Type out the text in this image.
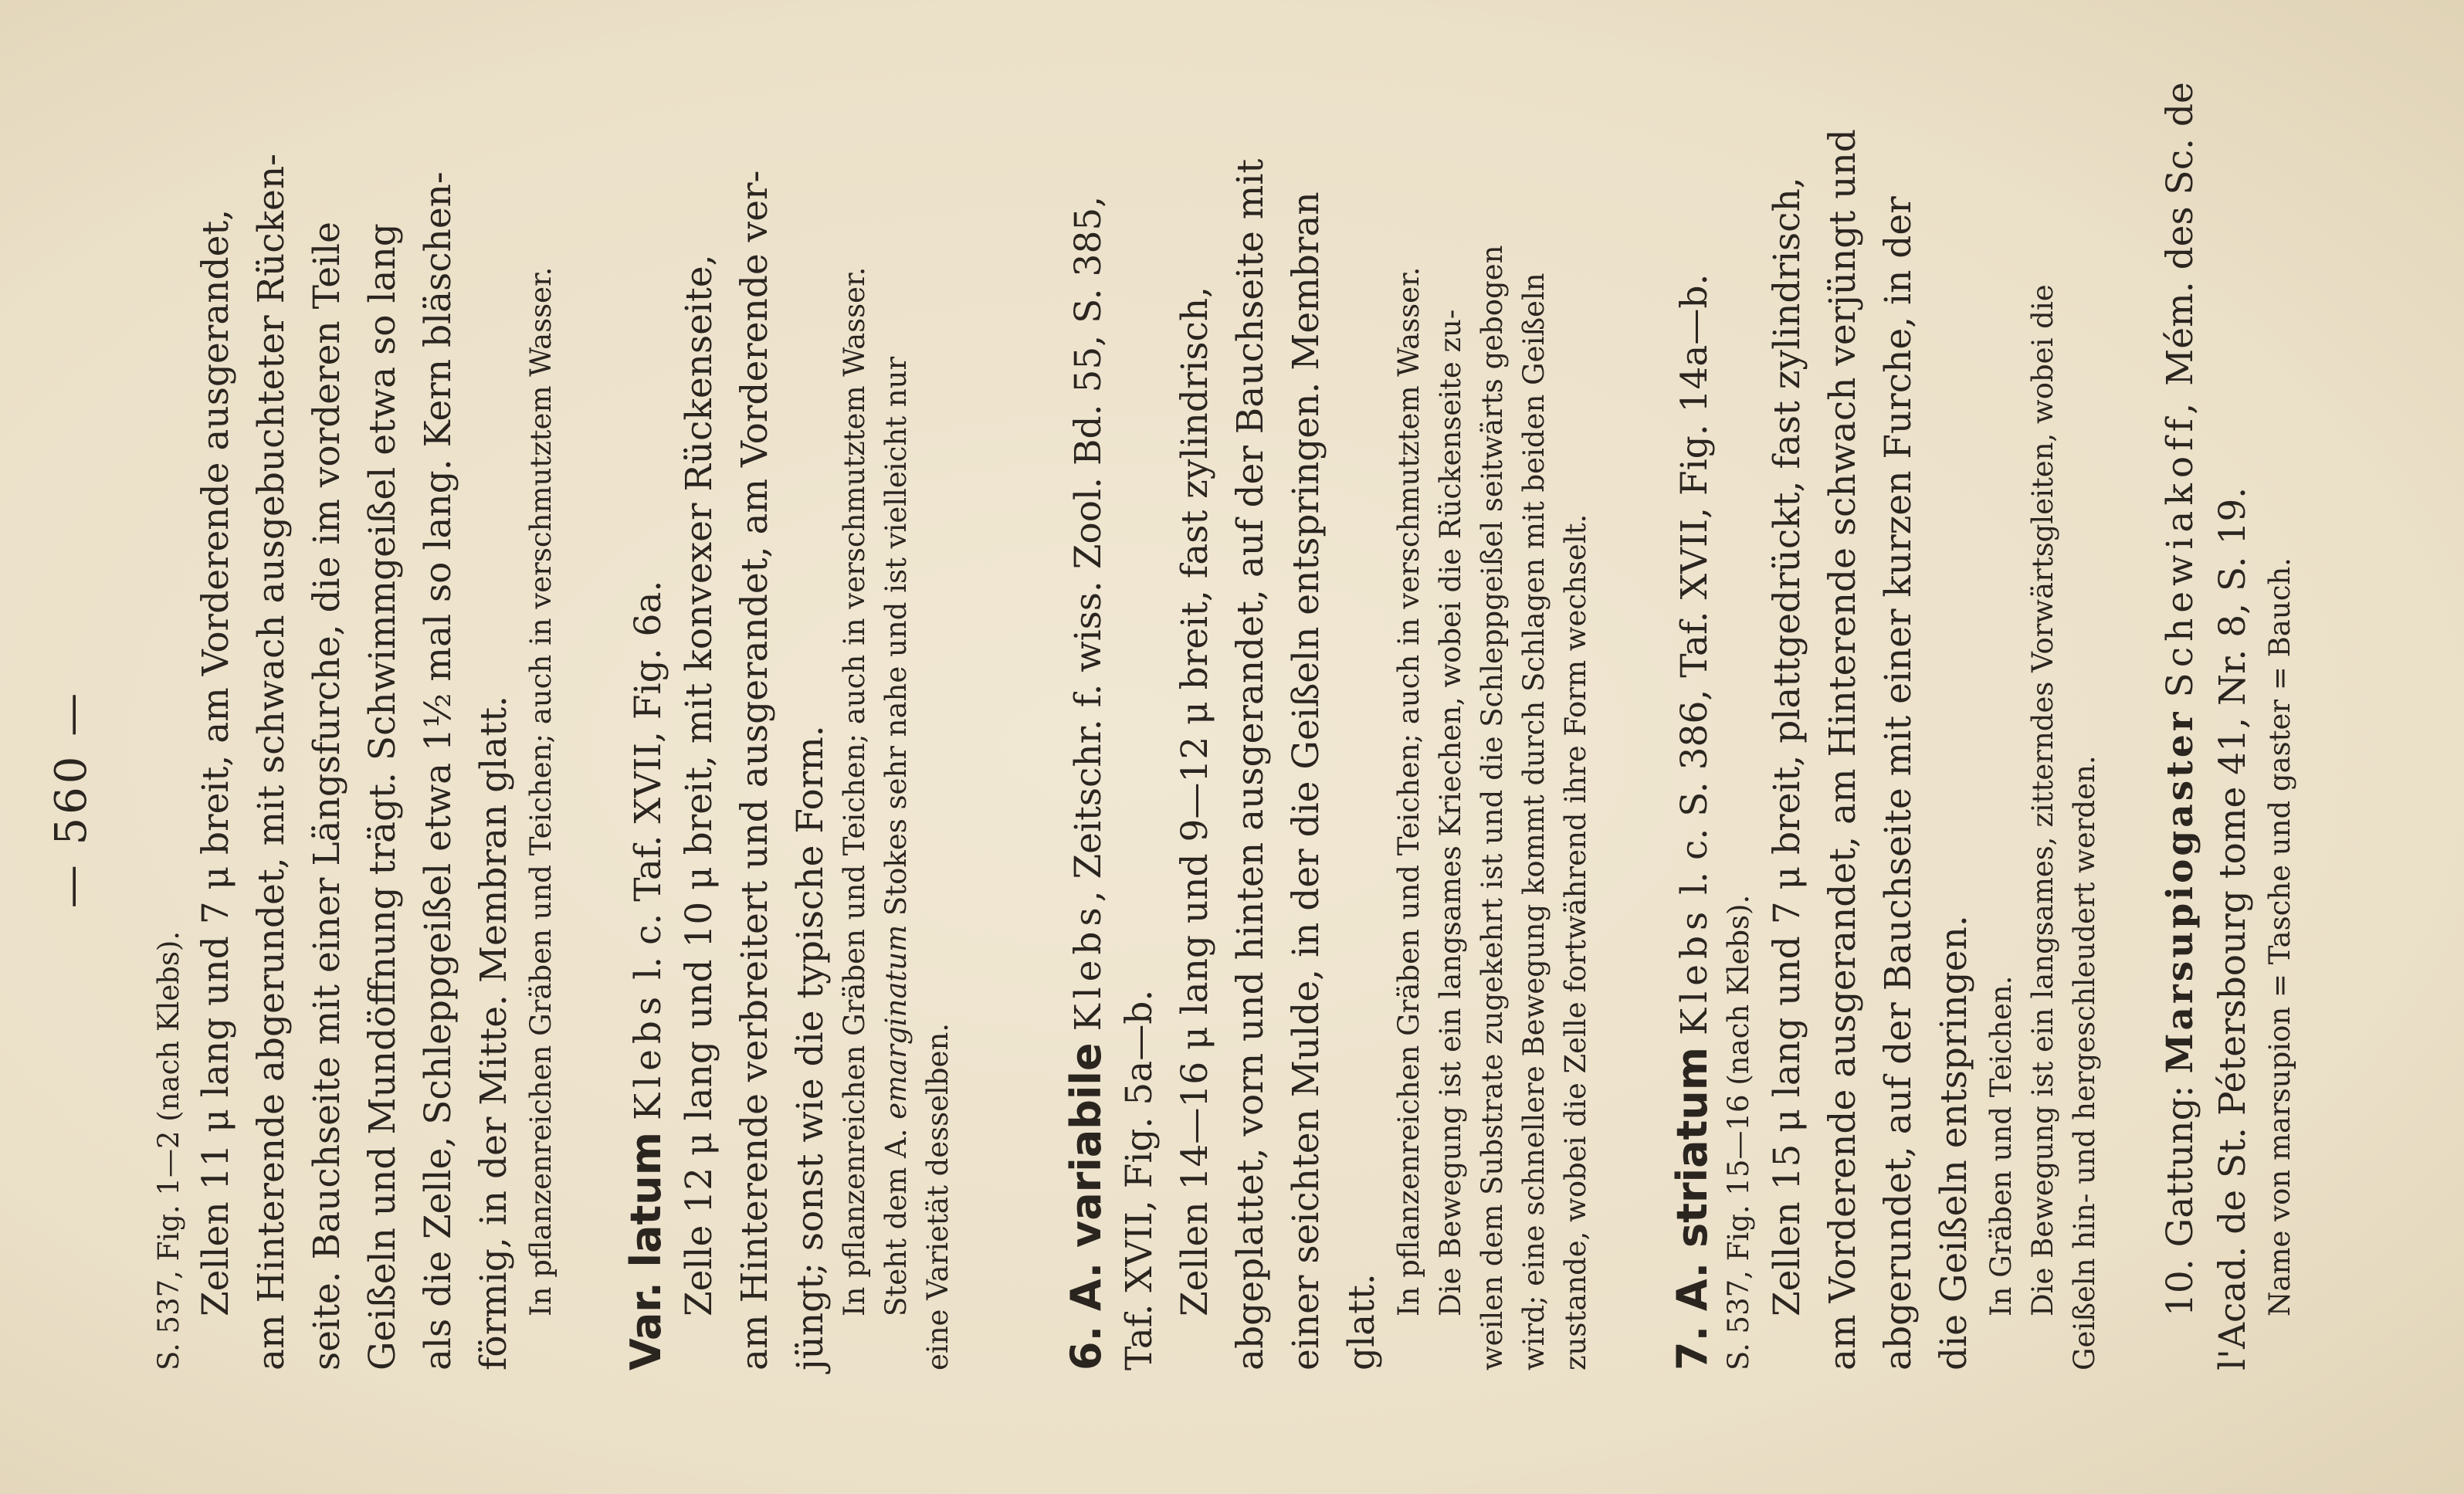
— 560 —
S. 537, Fig. 1—2 (nach Klebs). Zellen 11 μ lang und 7 μ breit, am Vorderende ausgerandet, am Hinterende abgerundet, mit schwach ausgebuchteter Rücken- seite. Bauchseite mit einer Längsfurche, die im vorderen Teile Geißeln und Mundöffnung trägt. Schwimmgeißel etwa so lang als die Zelle, Schleppgeißel etwa 1½ mal so lang. Kern bläschen- förmig, in der Mitte. Membran glatt. In pflanzenreichen Gräben und Teichen; auch in verschmutztem Wasser. Var. latum Klebs l. c. Taf. XVII, Fig. 6a. Zelle 12 μ lang und 10 μ breit, mit konvexer Rückenseite, am Hinterende verbreitert und ausgerandet, am Vorderende ver- jüngt; sonst wie die typische Form. In pflanzenreichen Gräben und Teichen; auch in verschmutztem Wasser. Steht dem A. emarginatum Stokes sehr nahe und ist vielleicht nur
eine Varietät desselben.	6. A. variabile Klebs, Zeitschr. f. wiss. Zool. Bd. 55, S. 385,
Taf. XVII, Fig. 5a—b. Zellen 14—16 μ lang und 9—12 μ breit, fast zylindrisch, abgeplattet, vorn und hinten ausgerandet, auf der Bauchseite mit einer seichten Mulde, in der die Geißeln entspringen. Membran glatt.
In pflanzenreichen Gräben und Teichen; auch in verschmutztem Wasser. Die Bewegung ist ein langsames Kriechen, wobei die Rückenseite zu- weilen dem Substrate zugekehrt ist und die Schleppgeißel seitwärts gebogen wird; eine schnellere Bewegung kommt durch Schlagen mit beiden Geißeln zustande, wobei die Zelle fortwährend ihre Form wechselt. 7. A. striatum Klebs l. c. S. 386, Taf. XVII, Fig. 14a—b.
S. 537, Fig. 15—16 (nach Klebs). Zellen 15 μ lang und 7 μ breit, plattgedrückt, fast zylindrisch, am Vorderende ausgerandet, am Hinterende schwach verjüngt und abgerundet, auf der Bauchseite mit einer kurzen Furche, in der die Geißeln entspringen. In Gräben und Teichen. Die Bewegung ist ein langsames, zitterndes Vorwärtsgleiten, wobei die Geißeln hin- und hergeschleudert werden. 10. Gattung: Marsupiogaster Schewiakoff, Mém. des Sc. de
l'Acad. de St. Pétersbourg tome 41, Nr. 8, S. 19. Name von marsupion = Tasche und gaster = Bauch.
